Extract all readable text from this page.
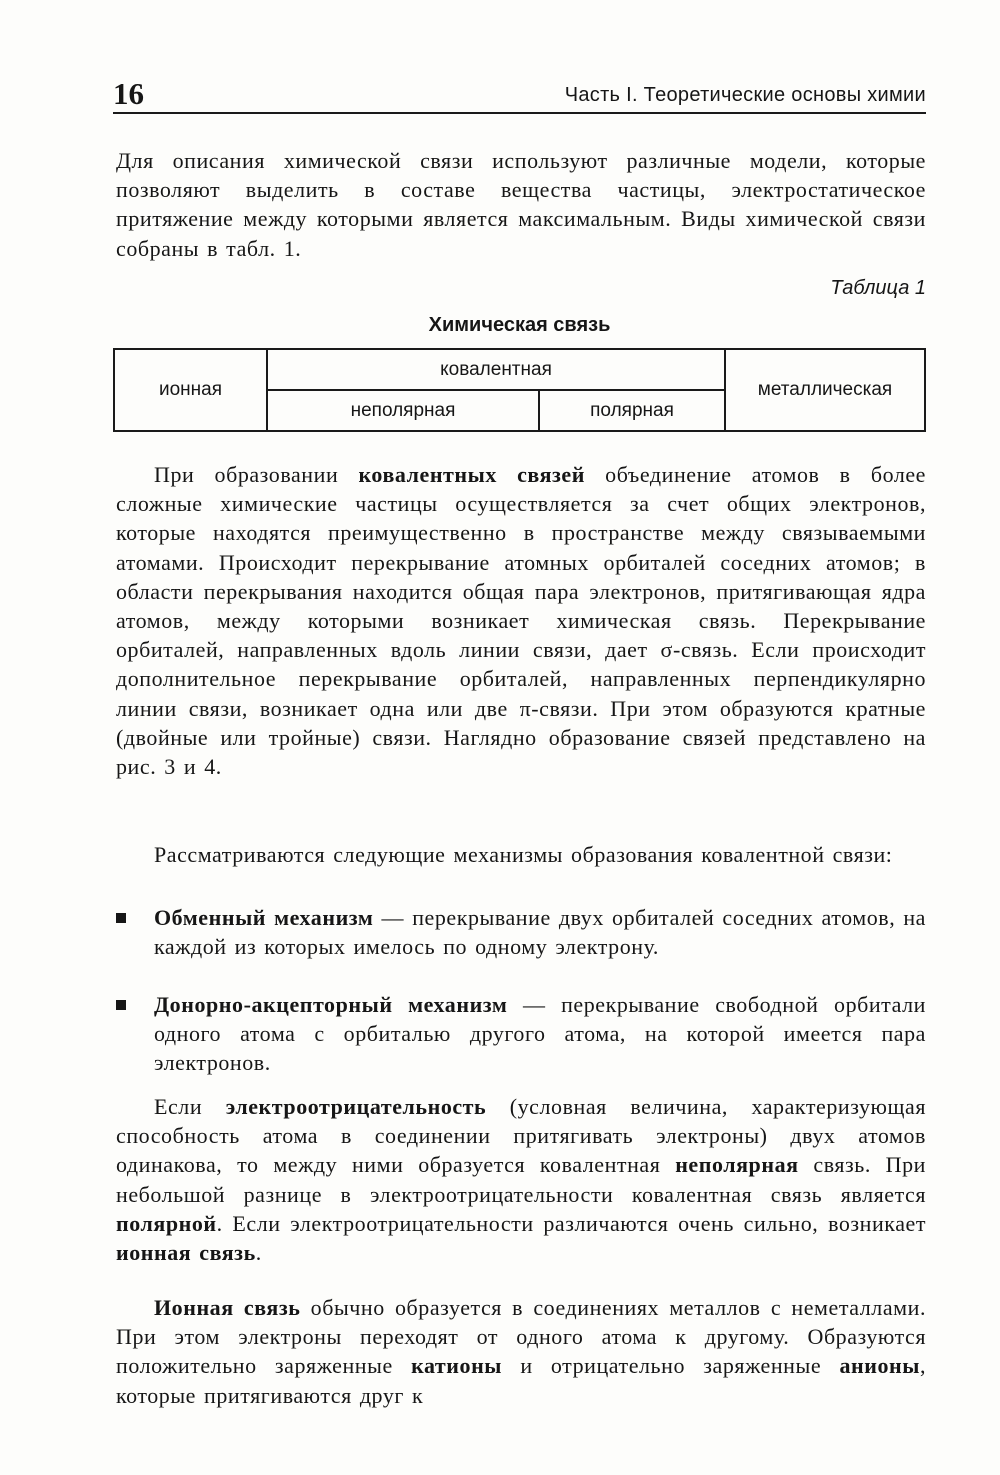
16	Часть I. Теоретические основы химии

Для описания химической связи используют различные модели, которые позволяют выделить в составе вещества частицы, электростатическое притяжение между которыми является максимальным. Виды химической связи собраны в табл. 1.

Таблица 1
Химическая связь
ионная	ковалентная		металлическая
	неполярная	полярная	

При образовании ковалентных связей объединение атомов в более сложные химические частицы осуществляется за счет общих электронов, которые находятся преимущественно в пространстве между связываемыми атомами. Происходит перекрывание атомных орбиталей соседних атомов; в области перекрывания находится общая пара электронов, притягивающая ядра атомов, между которыми возникает химическая связь. Перекрывание орбиталей, направленных вдоль линии связи, дает σ-связь. Если происходит дополнительное перекрывание орбиталей, направленных перпендикулярно линии связи, возникает одна или две π-связи. При этом образуются кратные (двойные или тройные) связи. Наглядно образование связей представлено на рис. 3 и 4.

Рассматриваются следующие механизмы образования ковалентной связи:

Обменный механизм — перекрывание двух орбиталей соседних атомов, на каждой из которых имелось по одному электрону.

Донорно-акцепторный механизм — перекрывание свободной орбитали одного атома с орбиталью другого атома, на которой имеется пара электронов.

Если электроотрицательность (условная величина, характеризующая способность атома в соединении притягивать электроны) двух атомов одинакова, то между ними образуется ковалентная неполярная связь. При небольшой разнице в электроотрицательности ковалентная связь является полярной. Если электроотрицательности различаются очень сильно, возникает ионная связь.

Ионная связь обычно образуется в соединениях металлов с неметаллами. При этом электроны переходят от одного атома к другому. Образуются положительно заряженные катионы и отрицательно заряженные анионы, которые притягиваются друг к
